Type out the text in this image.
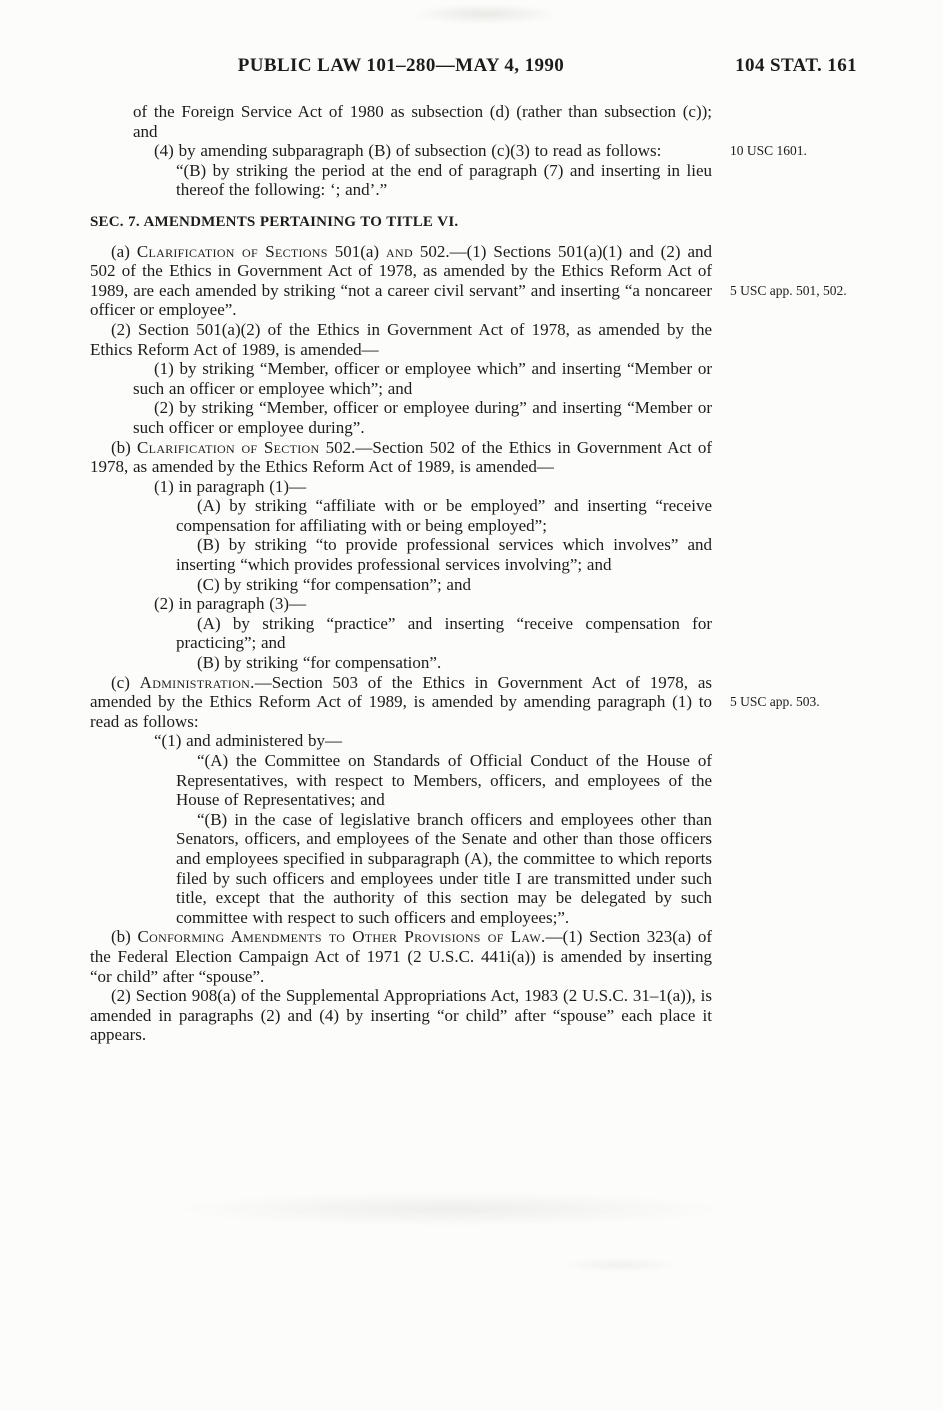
PUBLIC LAW 101–280—MAY 4, 1990	104 STAT. 161

of the Foreign Service Act of 1980 as subsection (d) (rather than subsection (c)); and

(4) by amending subparagraph (B) of subsection (c)(3) to read as follows:	10 USC 1601.

“(B) by striking the period at the end of paragraph (7) and inserting in lieu thereof the following: ‘; and’.”

SEC. 7. AMENDMENTS PERTAINING TO TITLE VI.

(a) Clarification of Sections 501(a) and 502.—(1) Sections 501(a)(1) and (2) and 502 of the Ethics in Government Act of 1978, as amended by the Ethics Reform Act of 1989, are each amended by striking “not a career civil servant” and inserting “a noncareer officer or employee”.

5 USC app. 501, 502.

(2) Section 501(a)(2) of the Ethics in Government Act of 1978, as amended by the Ethics Reform Act of 1989, is amended—

(1) by striking “Member, officer or employee which” and inserting “Member or such an officer or employee which”; and

(2) by striking “Member, officer or employee during” and inserting “Member or such officer or employee during”.

(b) Clarification of Section 502.—Section 502 of the Ethics in Government Act of 1978, as amended by the Ethics Reform Act of 1989, is amended—

(1) in paragraph (1)—

(A) by striking “affiliate with or be employed” and inserting “receive compensation for affiliating with or being employed”;

(B) by striking “to provide professional services which involves” and inserting “which provides professional services involving”; and

(C) by striking “for compensation”; and

(2) in paragraph (3)—

(A) by striking “practice” and inserting “receive compensation for practicing”; and

(B) by striking “for compensation”.

(c) Administration.—Section 503 of the Ethics in Government Act of 1978, as amended by the Ethics Reform Act of 1989, is amended by amending paragraph (1) to read as follows:

5 USC app. 503.

“(1) and administered by—

“(A) the Committee on Standards of Official Conduct of the House of Representatives, with respect to Members, officers, and employees of the House of Representatives; and

“(B) in the case of legislative branch officers and employees other than Senators, officers, and employees of the Senate and other than those officers and employees specified in subparagraph (A), the committee to which reports filed by such officers and employees under title I are transmitted under such title, except that the authority of this section may be delegated by such committee with respect to such officers and employees;”.

(b) Conforming Amendments to Other Provisions of Law.—(1) Section 323(a) of the Federal Election Campaign Act of 1971 (2 U.S.C. 441i(a)) is amended by inserting “or child” after “spouse”.

(2) Section 908(a) of the Supplemental Appropriations Act, 1983 (2 U.S.C. 31–1(a)), is amended in paragraphs (2) and (4) by inserting “or child” after “spouse” each place it appears.
